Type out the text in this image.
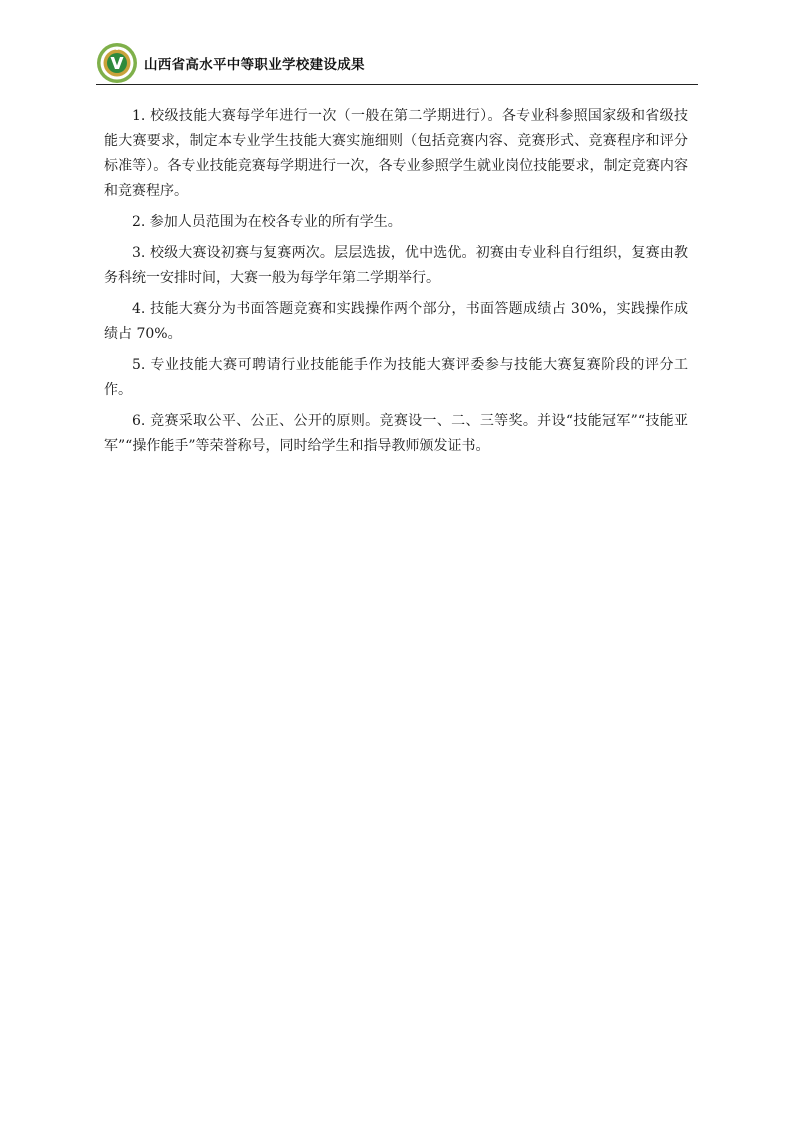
山西省高水平中等职业学校建设成果

1. 校级技能大赛每学年进行一次（一般在第二学期进行）。各专业科参照国家级和省级技能大赛要求，制定本专业学生技能大赛实施细则（包括竞赛内容、竞赛形式、竞赛程序和评分标准等）。各专业技能竞赛每学期进行一次，各专业参照学生就业岗位技能要求，制定竞赛内容和竞赛程序。

2. 参加人员范围为在校各专业的所有学生。

3. 校级大赛设初赛与复赛两次。层层选拔，优中选优。初赛由专业科自行组织，复赛由教务科统一安排时间，大赛一般为每学年第二学期举行。

4. 技能大赛分为书面答题竞赛和实践操作两个部分，书面答题成绩占 30%，实践操作成绩占 70%。

5. 专业技能大赛可聘请行业技能能手作为技能大赛评委参与技能大赛复赛阶段的评分工作。

6. 竞赛采取公平、公正、公开的原则。竞赛设一、二、三等奖。并设“技能冠军”“技能亚军”“操作能手”等荣誉称号，同时给学生和指导教师颁发证书。
